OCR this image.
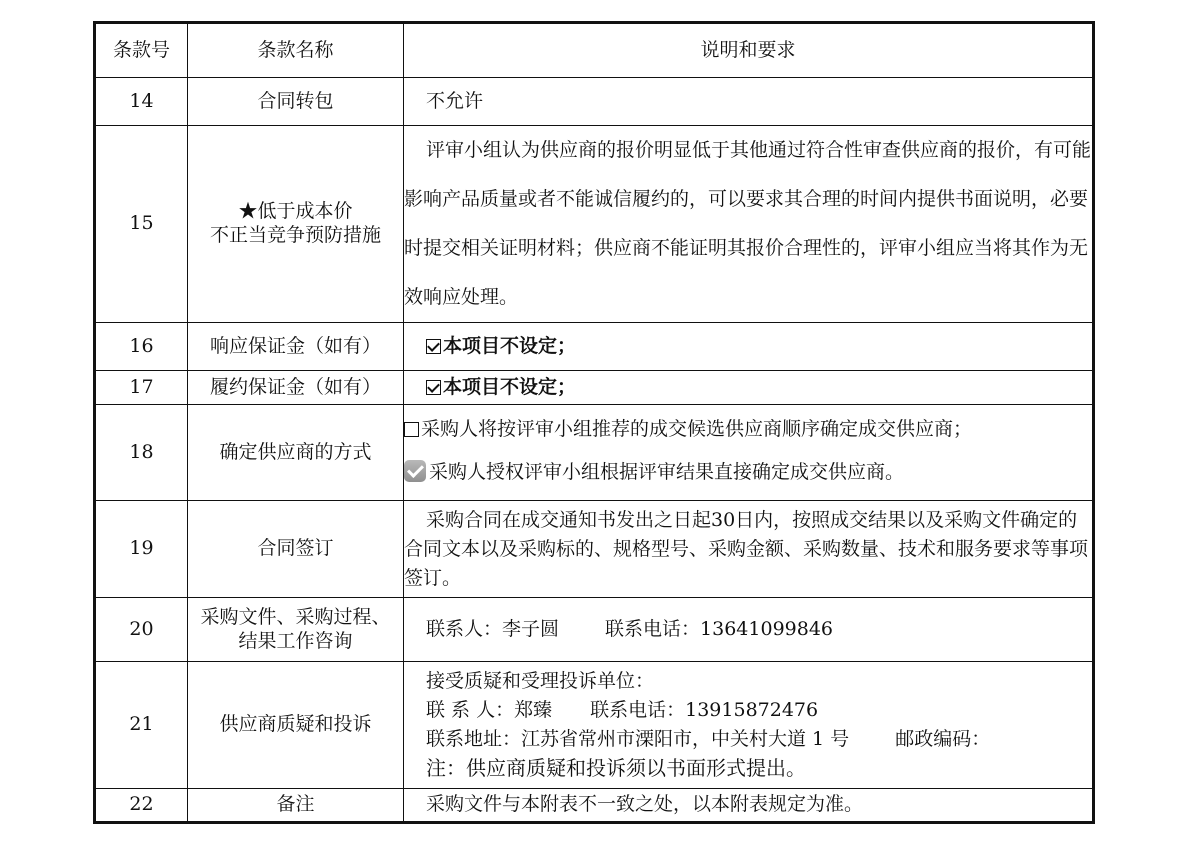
条款号	条款名称	说明和要求
14	合同转包	不允许
15	★低于成本价
不正当竞争预防措施	评审小组认为供应商的报价明显低于其他通过符合性审查供应商的报价，有可能影响产品质量或者不能诚信履约的，可以要求其合理的时间内提供书面说明，必要时提交相关证明材料；供应商不能证明其报价合理性的，评审小组应当将其作为无效响应处理。

16	响应保证金（如有）	本项目不设定；
17	履约保证金（如有）	本项目不设定；
18	确定供应商的方式	采购人将按评审小组推荐的成交候选供应商顺序确定成交供应商；
采购人授权评审小组根据评审结果直接确定成交供应商。

19	合同签订	采购合同在成交通知书发出之日起30日内，按照成交结果以及采购文件确定的合同文本以及采购标的、规格型号、采购金额、采购数量、技术和服务要求等事项签订。

20	采购文件、采购过程、
结果工作咨询	联系人：李子圆 联系电话：13641099846
21	供应商质疑和投诉	接受质疑和受理投诉单位：
联 系 人：郑臻 联系电话：13915872476
联系地址：江苏省常州市溧阳市，中关村大道 1 号 邮政编码：
注：供应商质疑和投诉须以书面形式提出。

22	备注	采购文件与本附表不一致之处，以本附表规定为准。
